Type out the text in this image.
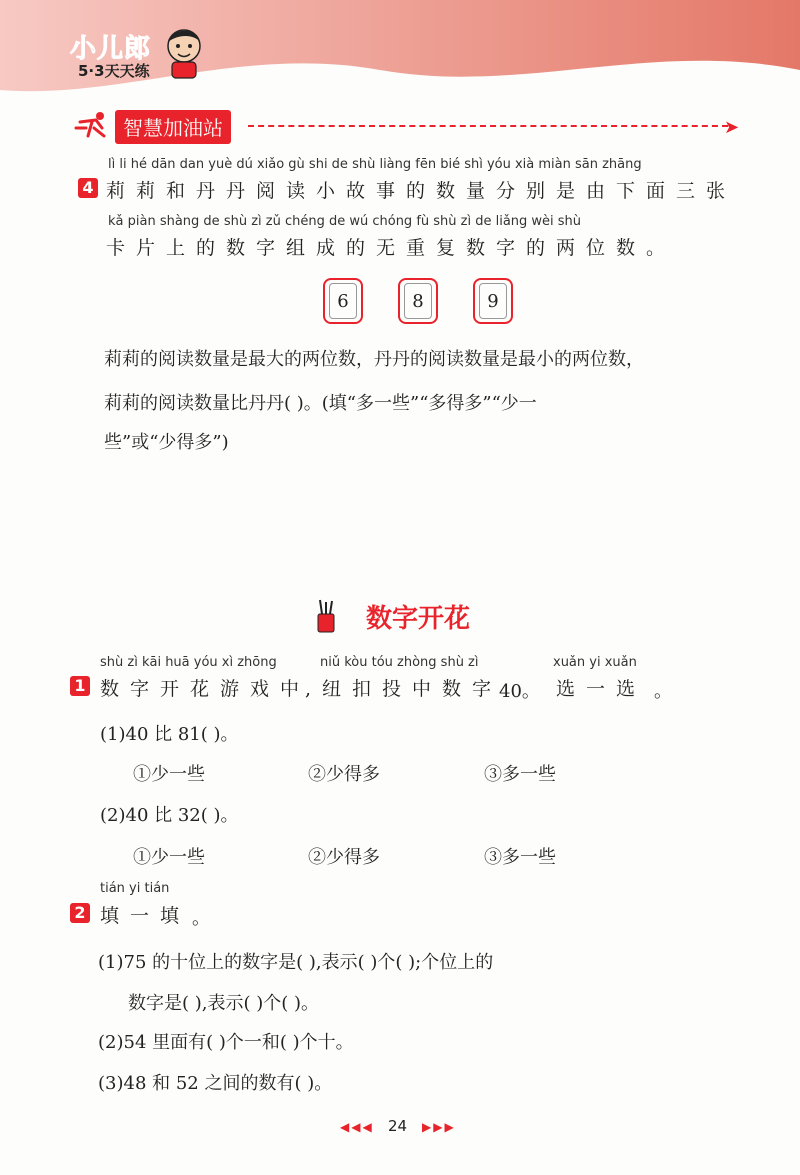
小儿郎
5·3天天练
智慧加油站	➤
lì li hé dān dan yuè dú xiǎo gù shi de shù liàng fēn bié shì yóu xià miàn sān zhāng
4 莉莉和丹丹阅读小故事的数量分别是由下面三张
kǎ piàn shàng de shù zì zǔ chéng de wú chóng fù shù zì de liǎng wèi shù
卡片上的数字组成的无重复数字的两位数。
6	8	9
莉莉的阅读数量是最大的两位数，丹丹的阅读数量是最小的两位数，
莉莉的阅读数量比丹丹( )。(填“多一些”“多得多”“少一
些”或“少得多”)
数字开花
shù zì kāi huā yóu xì zhōng	niǔ kòu tóu zhòng shù zì	xuǎn yi xuǎn
1 数字开花游戏中
,纽扣投中数字
40。 选一选 。
(1)40 比 81( )。
①少一些	②少得多	③多一些
(2)40 比 32( )。
①少一些	②少得多	③多一些
tián yi tián
2 填一填 。
(1)75 的十位上的数字是( ),表示( )个( );个位上的
数字是( ),表示( )个( )。
(2)54 里面有( )个一和( )个十。
(3)48 和 52 之间的数有( )。
◀◀◀ 24 ▶▶▶
